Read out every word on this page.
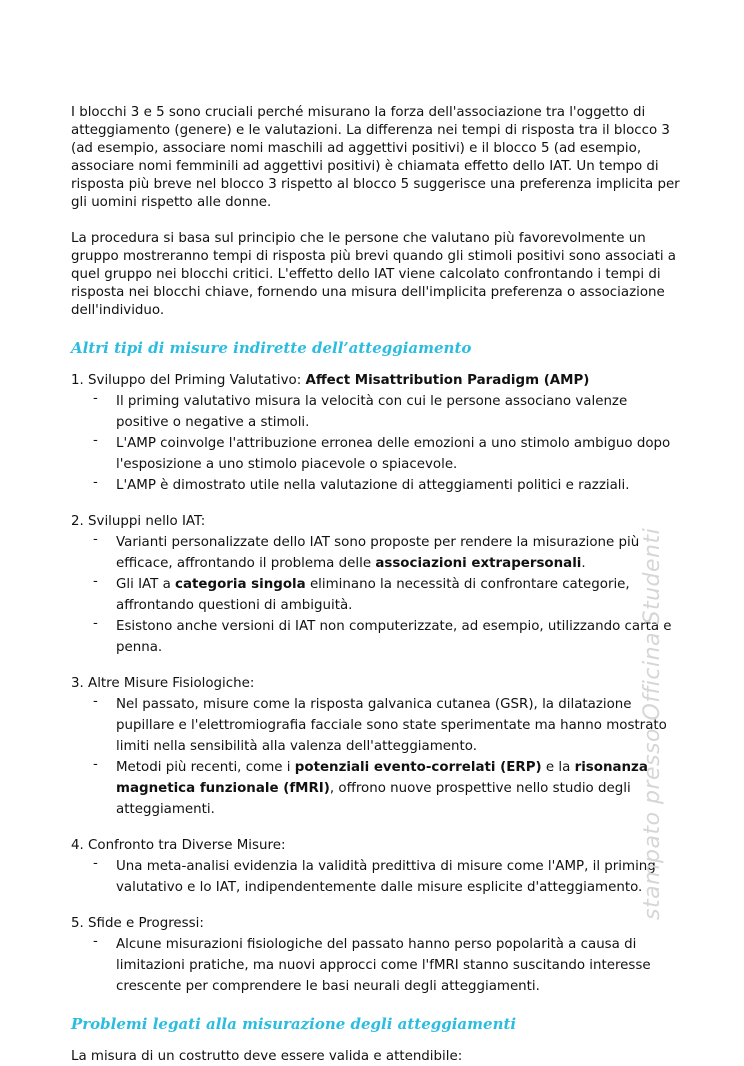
I blocchi 3 e 5 sono cruciali perché misurano la forza dell'associazione tra l'oggetto di atteggiamento (genere) e le valutazioni. La differenza nei tempi di risposta tra il blocco 3 (ad esempio, associare nomi maschili ad aggettivi positivi) e il blocco 5 (ad esempio, associare nomi femminili ad aggettivi positivi) è chiamata effetto dello IAT. Un tempo di risposta più breve nel blocco 3 rispetto al blocco 5 suggerisce una preferenza implicita per gli uomini rispetto alle donne.

La procedura si basa sul principio che le persone che valutano più favorevolmente un gruppo mostreranno tempi di risposta più brevi quando gli stimoli positivi sono associati a quel gruppo nei blocchi critici. L'effetto dello IAT viene calcolato confrontando i tempi di risposta nei blocchi chiave, fornendo una misura dell'implicita preferenza o associazione dell'individuo.

Altri tipi di misure indirette dell’atteggiamento
1. Sviluppo del Priming Valutativo: Affect Misattribution Paradigm (AMP)
- Il priming valutativo misura la velocità con cui le persone associano valenze positive o negative a stimoli.
- L'AMP coinvolge l'attribuzione erronea delle emozioni a uno stimolo ambiguo dopo l'esposizione a uno stimolo piacevole o spiacevole.
- L'AMP è dimostrato utile nella valutazione di atteggiamenti politici e razziali.
2. Sviluppi nello IAT:
- Varianti personalizzate dello IAT sono proposte per rendere la misurazione più efficace, affrontando il problema delle associazioni extrapersonali.
- Gli IAT a categoria singola eliminano la necessità di confrontare categorie, affrontando questioni di ambiguità.
- Esistono anche versioni di IAT non computerizzate, ad esempio, utilizzando carta e penna.
3. Altre Misure Fisiologiche:
- Nel passato, misure come la risposta galvanica cutanea (GSR), la dilatazione pupillare e l'elettromiografia facciale sono state sperimentate ma hanno mostrato limiti nella sensibilità alla valenza dell'atteggiamento.
- Metodi più recenti, come i potenziali evento-correlati (ERP) e la risonanza magnetica funzionale (fMRI), offrono nuove prospettive nello studio degli atteggiamenti.
4. Confronto tra Diverse Misure:
- Una meta-analisi evidenzia la validità predittiva di misure come l'AMP, il priming valutativo e lo IAT, indipendentemente dalle misure esplicite d'atteggiamento.
5. Sfide e Progressi:
- Alcune misurazioni fisiologiche del passato hanno perso popolarità a causa di limitazioni pratiche, ma nuovi approcci come l'fMRI stanno suscitando interesse crescente per comprendere le basi neurali degli atteggiamenti.
Problemi legati alla misurazione degli atteggiamenti

La misura di un costrutto deve essere valida e attendibile:

stampato presso Officina Studenti
